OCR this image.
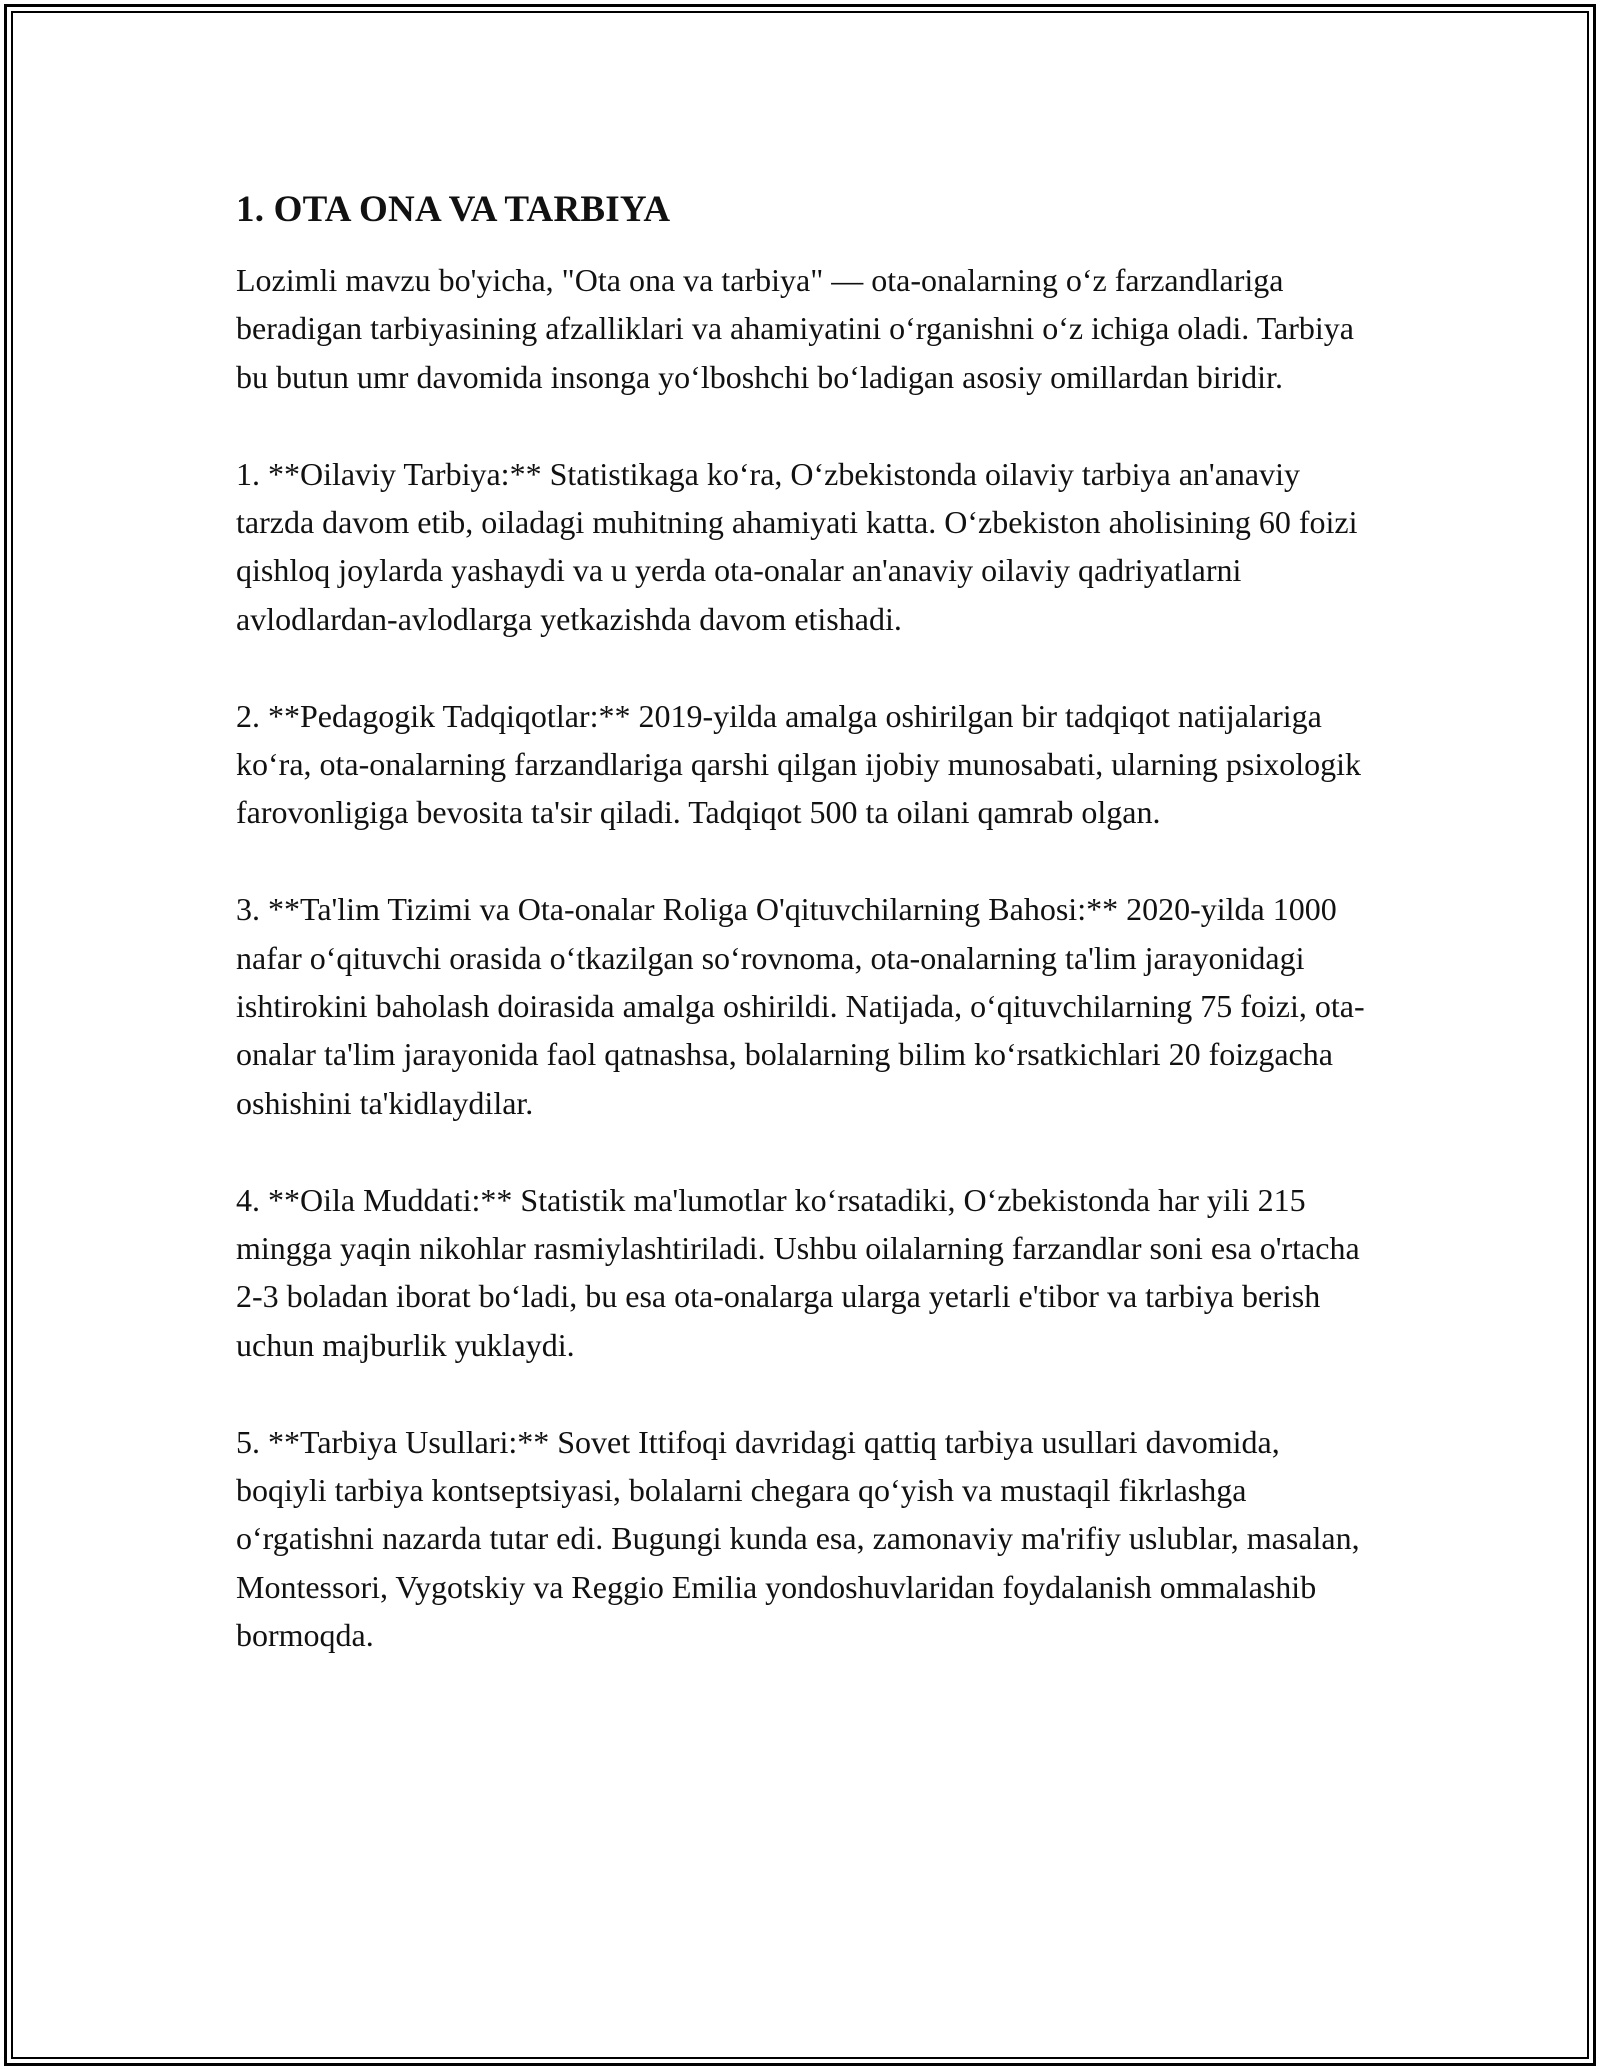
1. OTA ONA VA TARBIYA

Lozimli mavzu bo'yicha, "Ota ona va tarbiya" — ota-onalarning o‘z farzandlariga beradigan tarbiyasining afzalliklari va ahamiyatini o‘rganishni o‘z ichiga oladi. Tarbiya bu butun umr davomida insonga yo‘lboshchi bo‘ladigan asosiy omillardan biridir.

1. **Oilaviy Tarbiya:** Statistikaga ko‘ra, O‘zbekistonda oilaviy tarbiya an'anaviy tarzda davom etib, oiladagi muhitning ahamiyati katta. O‘zbekiston aholisining 60 foizi qishloq joylarda yashaydi va u yerda ota-onalar an'anaviy oilaviy qadriyatlarni avlodlardan-avlodlarga yetkazishda davom etishadi.

2. **Pedagogik Tadqiqotlar:** 2019-yilda amalga oshirilgan bir tadqiqot natijalariga ko‘ra, ota-onalarning farzandlariga qarshi qilgan ijobiy munosabati, ularning psixologik farovonligiga bevosita ta'sir qiladi. Tadqiqot 500 ta oilani qamrab olgan.

3. **Ta'lim Tizimi va Ota-onalar Roliga O'qituvchilarning Bahosi:** 2020-yilda 1000 nafar o‘qituvchi orasida o‘tkazilgan so‘rovnoma, ota-onalarning ta'lim jarayonidagi ishtirokini baholash doirasida amalga oshirildi. Natijada, o‘qituvchilarning 75 foizi, ota-onalar ta'lim jarayonida faol qatnashsa, bolalarning bilim ko‘rsatkichlari 20 foizgacha oshishini ta'kidlaydilar.

4. **Oila Muddati:** Statistik ma'lumotlar ko‘rsatadiki, O‘zbekistonda har yili 215 mingga yaqin nikohlar rasmiylashtiriladi. Ushbu oilalarning farzandlar soni esa o'rtacha 2-3 boladan iborat bo‘ladi, bu esa ota-onalarga ularga yetarli e'tibor va tarbiya berish uchun majburlik yuklaydi.

5. **Tarbiya Usullari:** Sovet Ittifoqi davridagi qattiq tarbiya usullari davomida, boqiyli tarbiya kontseptsiyasi, bolalarni chegara qo‘yish va mustaqil fikrlashga o‘rgatishni nazarda tutar edi. Bugungi kunda esa, zamonaviy ma'rifiy uslublar, masalan, Montessori, Vygotskiy va Reggio Emilia yondoshuvlaridan foydalanish ommalashib bormoqda.
